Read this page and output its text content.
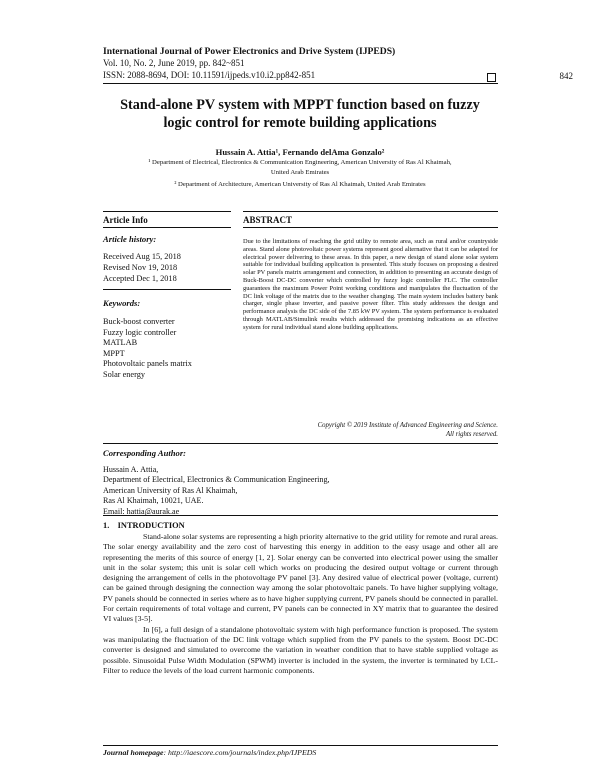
International Journal of Power Electronics and Drive System (IJPEDS)
Vol. 10, No. 2, June 2019, pp. 842~851
ISSN: 2088-8694, DOI: 10.11591/ijpeds.v10.i2.pp842-851	842
Stand-alone PV system with MPPT function based on fuzzy
logic control for remote building applications
Hussain A. Attia¹, Fernando delAma Gonzalo²
¹ Department of Electrical, Electronics & Communication Engineering, American University of Ras Al Khaimah,
United Arab Emirates
² Department of Architecture, American University of Ras Al Khaimah, United Arab Emirates
Article Info	ABSTRACT
Article history:
Received Aug 15, 2018
Revised Nov 19, 2018
Accepted Dec 1, 2018
Keywords:
Buck-boost converter
Fuzzy logic controller
MATLAB
MPPT
Photovoltaic panels matrix
Solar energy

Due to the limitations of reaching the grid utility to remote area, such as rural and/or countryside areas. Stand alone photovoltaic power systems represent good alternative that it can be adapted for electrical power delivering to these areas. In this paper, a new design of stand alone solar system suitable for individual building application is presented. This study focuses on proposing a desired solar PV panels matrix arrangement and connection, in addition to presenting an accurate design of Buck-Boost DC-DC converter which controlled by fuzzy logic controller FLC. The controller guarantees the maximum Power Point working conditions and manipulates the fluctuation of the DC link voltage of the matrix due to the weather changing. The main system includes battery bank charger, single phase inverter, and passive power filter. This study addresses the design and performance analysis the DC side of the 7.85 kW PV system. The system performance is evaluated through MATLAB/Simulink results which addressed the promising indications as an effective system for rural individual stand alone building applications.

Copyright © 2019 Institute of Advanced Engineering and Science.
All rights reserved.
Corresponding Author:
Hussain A. Attia,
Department of Electrical, Electronics & Communication Engineering,
American University of Ras Al Khaimah,
Ras Al Khaimah, 10021, UAE.
Email: hattia@aurak.ae
1.    INTRODUCTION

Stand-alone solar systems are representing a high priority alternative to the grid utility for remote and rural areas. The solar energy availability and the zero cost of harvesting this energy in addition to the easy usage and other all are representing the merits of this source of energy [1, 2]. Solar energy can be converted into electrical power using the smaller unit in the solar system; this unit is solar cell which works on producing the desired output voltage or current through designing the arrangement of cells in the photovoltage PV panel [3]. Any desired value of electrical power (voltage, current) can be gained through designing the connection way among the solar photovoltaic panels. To have higher supplying voltage, PV panels should be connected in series where as to have higher supplying current, PV panels should be connected in parallel. For certain requirements of total voltage and current, PV panels can be connected in XY matrix that to guarantee the desired VI values [3-5].

In [6], a full design of a standalone photovoltaic system with high performance function is proposed. The system was manipulating the fluctuation of the DC link voltage which supplied from the PV panels to the system. Boost DC-DC converter is designed and simulated to overcome the variation in weather condition that to have stable supplied voltage as possible. Sinusoidal Pulse Width Modulation (SPWM) inverter is included in the system, the inverter is terminated by LCL-Filter to reduce the levels of the load current harmonic components.

Journal homepage: http://iaescore.com/journals/index.php/IJPEDS
